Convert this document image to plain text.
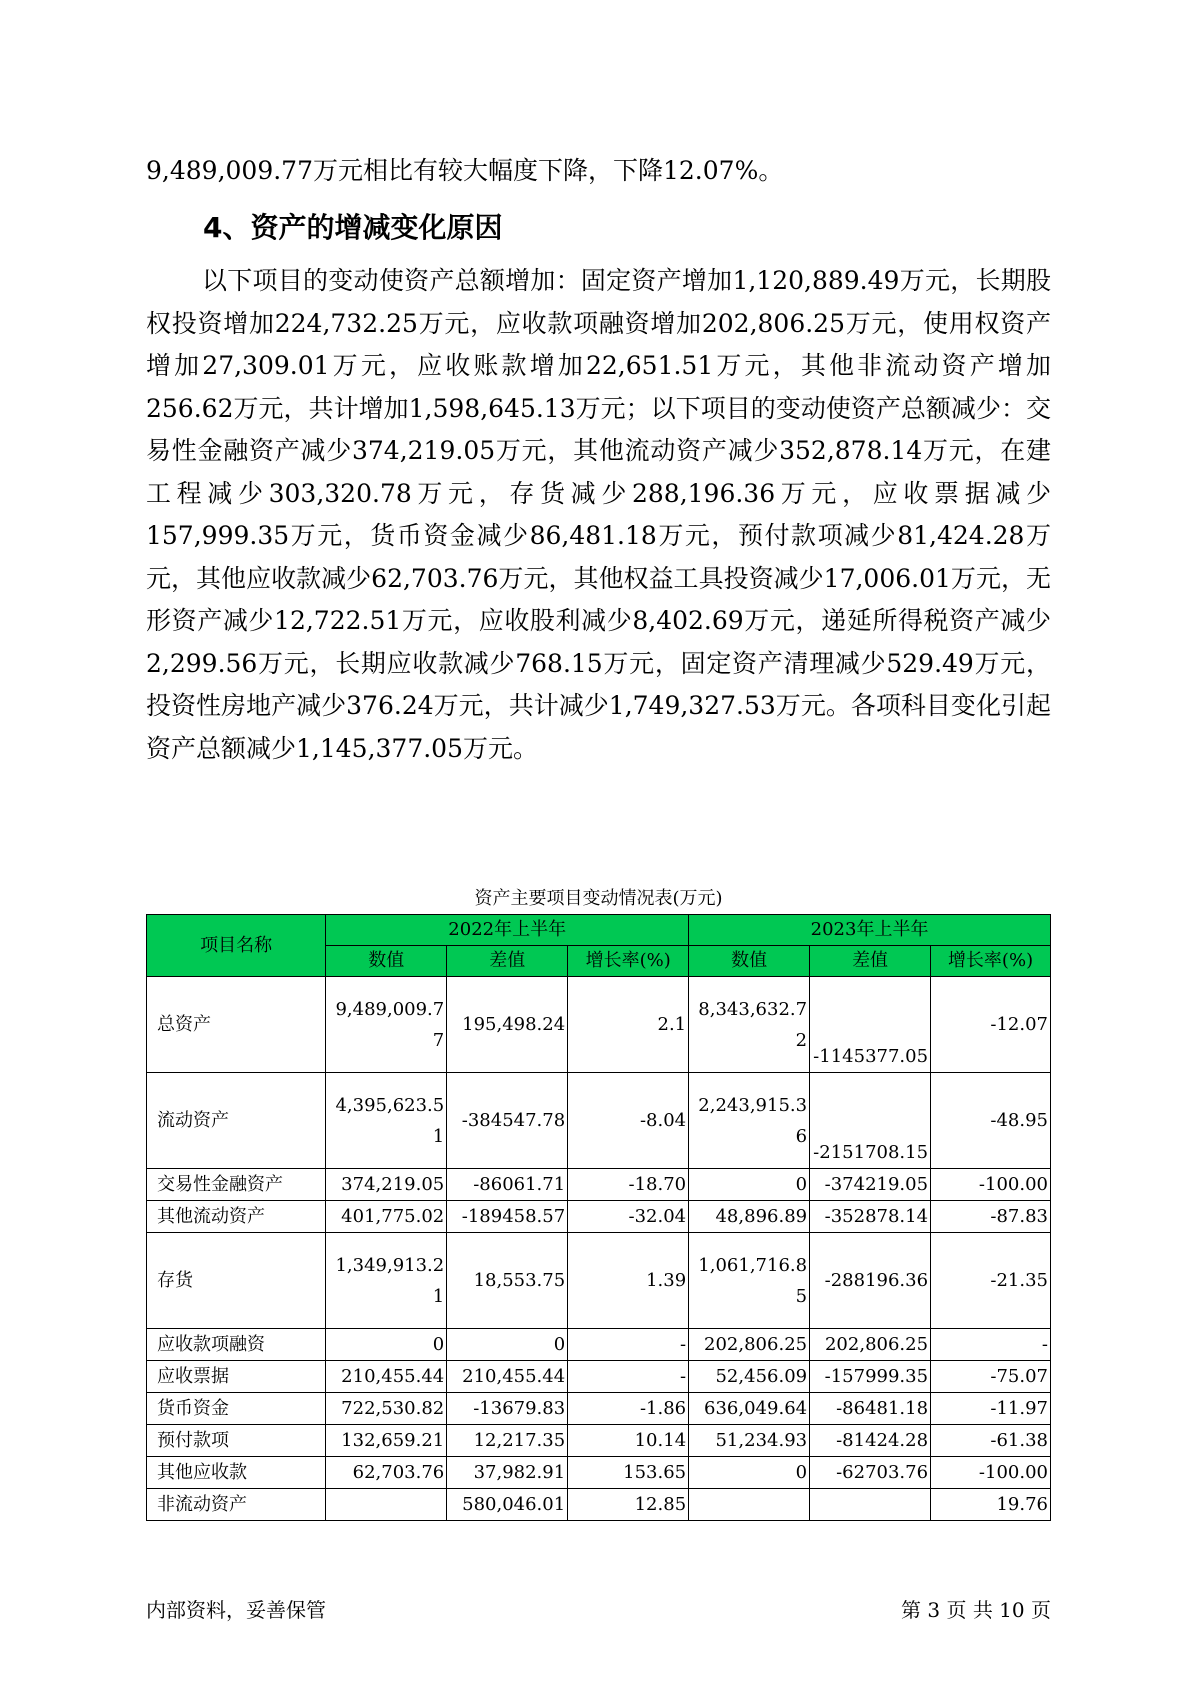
9,489,009.77万元相比有较大幅度下降，下降12.07%。

4、资产的增减变化原因

以下项目的变动使资产总额增加：固定资产增加1,120,889.49万元，长期股权投资增加224,732.25万元，应收款项融资增加202,806.25万元，使用权资产增加27,309.01万元，应收账款增加22,651.51万元，其他非流动资产增加256.62万元，共计增加1,598,645.13万元；以下项目的变动使资产总额减少：交易性金融资产减少374,219.05万元，其他流动资产减少352,878.14万元，在建工程减少303,320.78万元，存货减少288,196.36万元，应收票据减少157,999.35万元，货币资金减少86,481.18万元，预付款项减少81,424.28万元，其他应收款减少62,703.76万元，其他权益工具投资减少17,006.01万元，无形资产减少12,722.51万元，应收股利减少8,402.69万元，递延所得税资产减少2,299.56万元，长期应收款减少768.15万元，固定资产清理减少529.49万元，投资性房地产减少376.24万元，共计减少1,749,327.53万元。各项科目变化引起资产总额减少1,145,377.05万元。

资产主要项目变动情况表(万元)
项目名称	2022年上半年			2023年上半年		
	数值	差值	增长率(%)	数值	差值	增长率(%)
总资产	9,489,009.77	195,498.24	2.1	8,343,632.72	-1145377.05	-12.07
流动资产	4,395,623.51	-384547.78	-8.04	2,243,915.36	-2151708.15	-48.95
交易性金融资产	374,219.05	-86061.71	-18.70	0	-374219.05	-100.00
其他流动资产	401,775.02	-189458.57	-32.04	48,896.89	-352878.14	-87.83
存货	1,349,913.21	18,553.75	1.39	1,061,716.85	-288196.36	-21.35
应收款项融资	0	0	-	202,806.25	202,806.25	-
应收票据	210,455.44	210,455.44	-	52,456.09	-157999.35	-75.07
货币资金	722,530.82	-13679.83	-1.86	636,049.64	-86481.18	-11.97
预付款项	132,659.21	12,217.35	10.14	51,234.93	-81424.28	-61.38
其他应收款	62,703.76	37,982.91	153.65	0	-62703.76	-100.00
非流动资产		580,046.01	12.85			19.76
内部资料，妥善保管	第 3 页 共 10 页
